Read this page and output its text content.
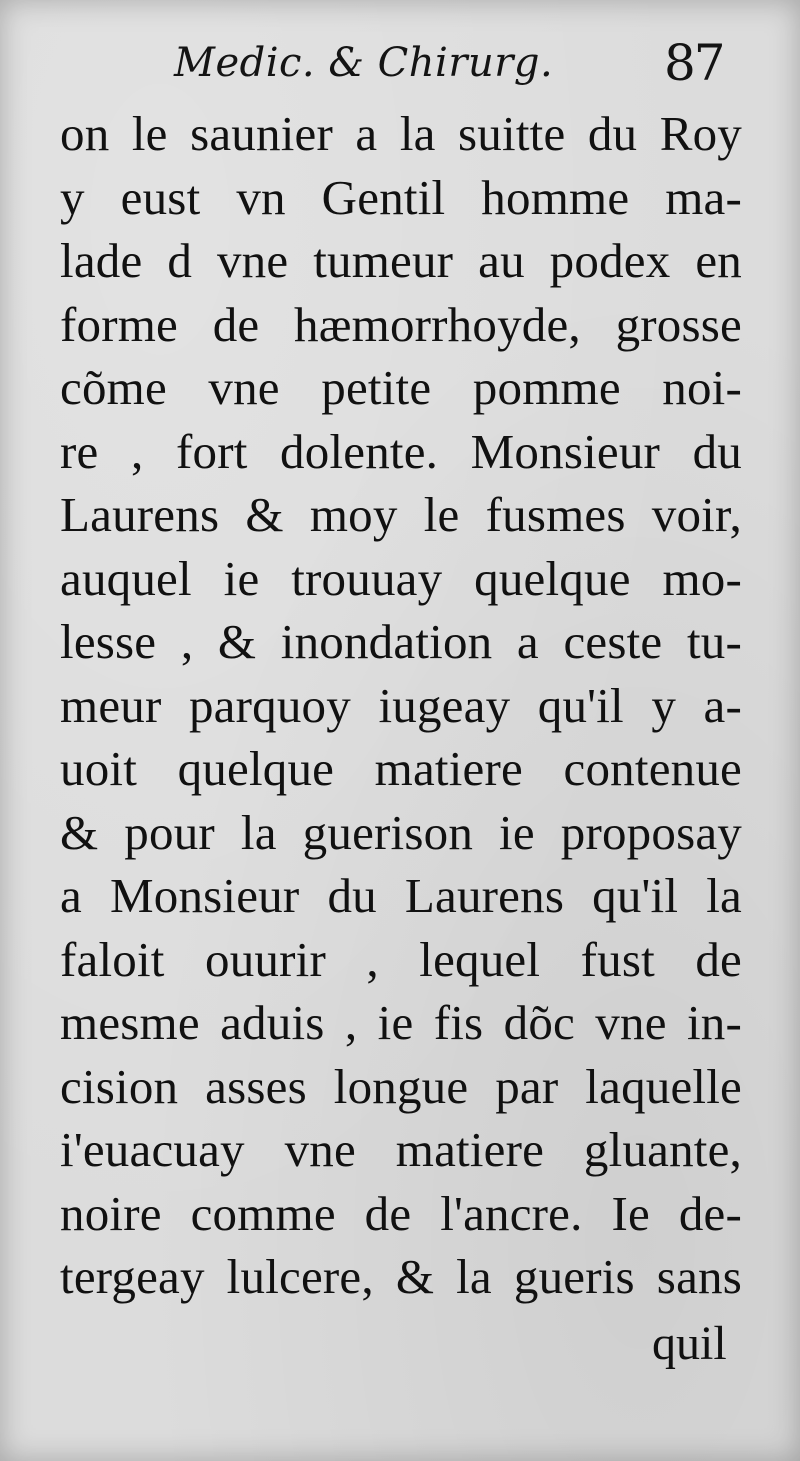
Medic. & Chirurg. 87
on le saunier a la suitte du Roy
y eust vn Gentil homme ma-
lade d vne tumeur au podex en
forme de hæmorrhoyde, grosse
cõme vne petite pomme noi-
re , fort dolente. Monsieur du
Laurens & moy le fusmes voir,
auquel ie trouuay quelque mo-
lesse , & inondation a ceste tu-
meur parquoy iugeay qu'il y a-
uoit quelque matiere contenue
& pour la guerison ie proposay
a Monsieur du Laurens qu'il la
faloit ouurir , lequel fust de
mesme aduis , ie fis dõc vne in-
cision asses longue par laquelle
i'euacuay vne matiere gluante,
noire comme de l'ancre. Ie de-
tergeay lulcere, & la gueris sans
quil
